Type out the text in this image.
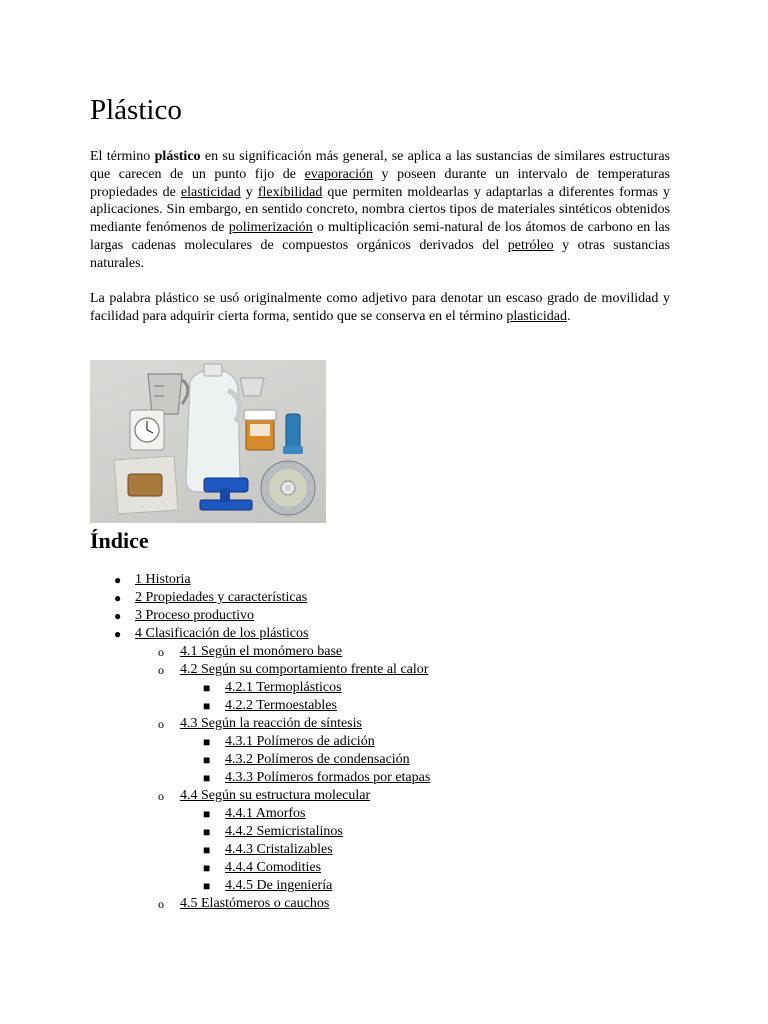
Plástico

El término plástico en su significación más general, se aplica a las sustancias de similares estructuras que carecen de un punto fijo de evaporación y poseen durante un intervalo de temperaturas propiedades de elasticidad y flexibilidad que permiten moldearlas y adaptarlas a diferentes formas y aplicaciones. Sin embargo, en sentido concreto, nombra ciertos tipos de materiales sintéticos obtenidos mediante fenómenos de polimerización o multiplicación semi-natural de los átomos de carbono en las largas cadenas moleculares de compuestos orgánicos derivados del petróleo y otras sustancias naturales.

La palabra plástico se usó originalmente como adjetivo para denotar un escaso grado de movilidad y facilidad para adquirir cierta forma, sentido que se conserva en el término plasticidad.

Índice
● 1 Historia
● 2 Propiedades y características
● 3 Proceso productivo
● 4 Clasificación de los plásticos
o 4.1 Según el monómero base
o 4.2 Según su comportamiento frente al calor
■ 4.2.1 Termoplásticos
■ 4.2.2 Termoestables
o 4.3 Según la reacción de síntesis
■ 4.3.1 Polímeros de adición
■ 4.3.2 Polímeros de condensación
■ 4.3.3 Polímeros formados por etapas
o 4.4 Según su estructura molecular
■ 4.4.1 Amorfos
■ 4.4.2 Semicristalinos
■ 4.4.3 Cristalizables
■ 4.4.4 Comodities
■ 4.4.5 De ingeniería
o 4.5 Elastómeros o cauchos
